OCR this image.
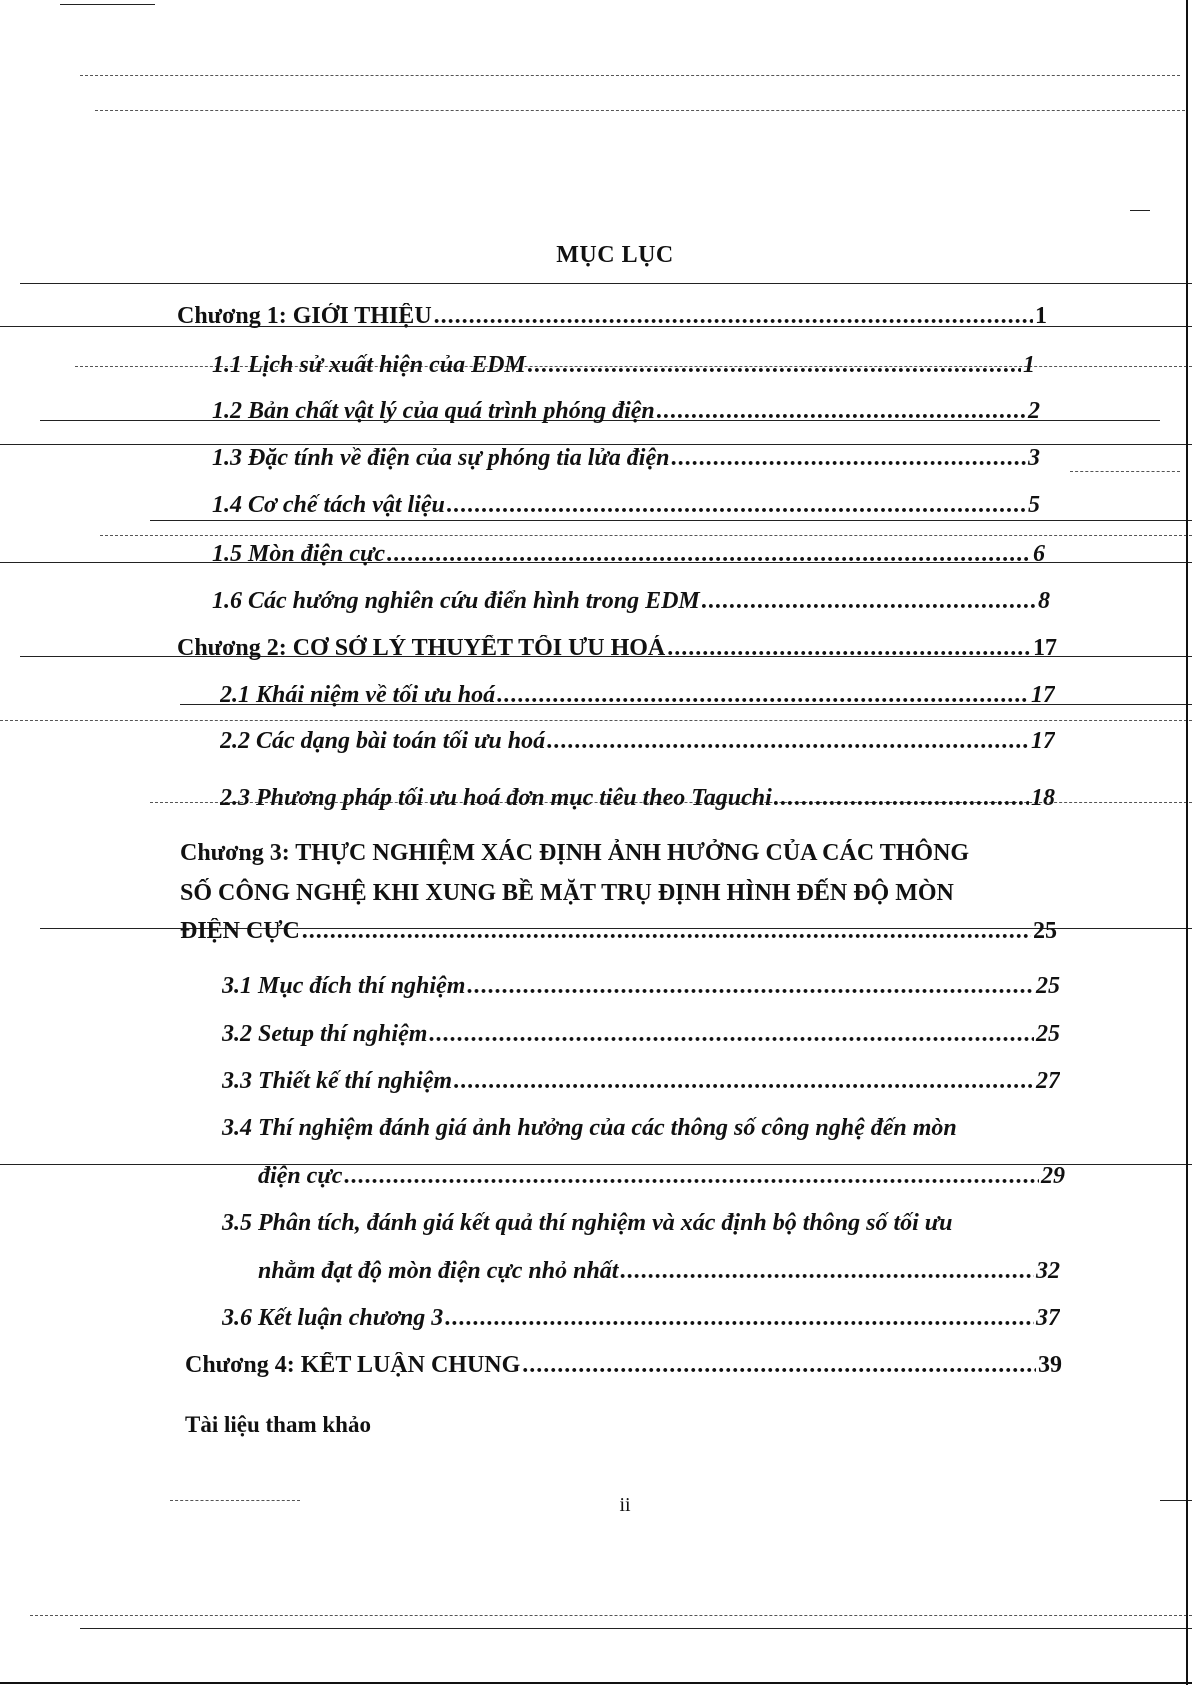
MỤC LỤC
Chương 1: GIỚI THIỆU .....	1
1.1 Lịch sử xuất hiện của EDM .....	1
1.2 Bản chất vật lý của quá trình phóng điện .....	2
1.3 Đặc tính về điện của sự phóng tia lửa điện .....	3
1.4 Cơ chế tách vật liệu .....	5
1.5 Mòn điện cực .....	6
1.6 Các hướng nghiên cứu điển hình trong EDM .....	8
Chương 2: CƠ SỞ LÝ THUYẾT TỐI ƯU HOÁ .....	17
2.1 Khái niệm về tối ưu hoá .....	17
2.2 Các dạng bài toán tối ưu hoá .....	17
2.3 Phương pháp tối ưu hoá đơn mục tiêu theo Taguchi .....	18
Chương 3: THỰC NGHIỆM XÁC ĐỊNH ẢNH HƯỞNG CỦA CÁC THÔNG
SỐ CÔNG NGHỆ KHI XUNG BỀ MẶT TRỤ ĐỊNH HÌNH ĐẾN ĐỘ MÒN
ĐIỆN CỰC .....	25
3.1 Mục đích thí nghiệm .....	25
3.2 Setup thí nghiệm .....	25
3.3 Thiết kế thí nghiệm .....	27
3.4 Thí nghiệm đánh giá ảnh hưởng của các thông số công nghệ đến mòn
điện cực .....	29
3.5 Phân tích, đánh giá kết quả thí nghiệm và xác định bộ thông số tối ưu
nhằm đạt độ mòn điện cực nhỏ nhất .....	32
3.6 Kết luận chương 3 .....	37
Chương 4: KẾT LUẬN CHUNG .....	39
Tài liệu tham khảo
ii
